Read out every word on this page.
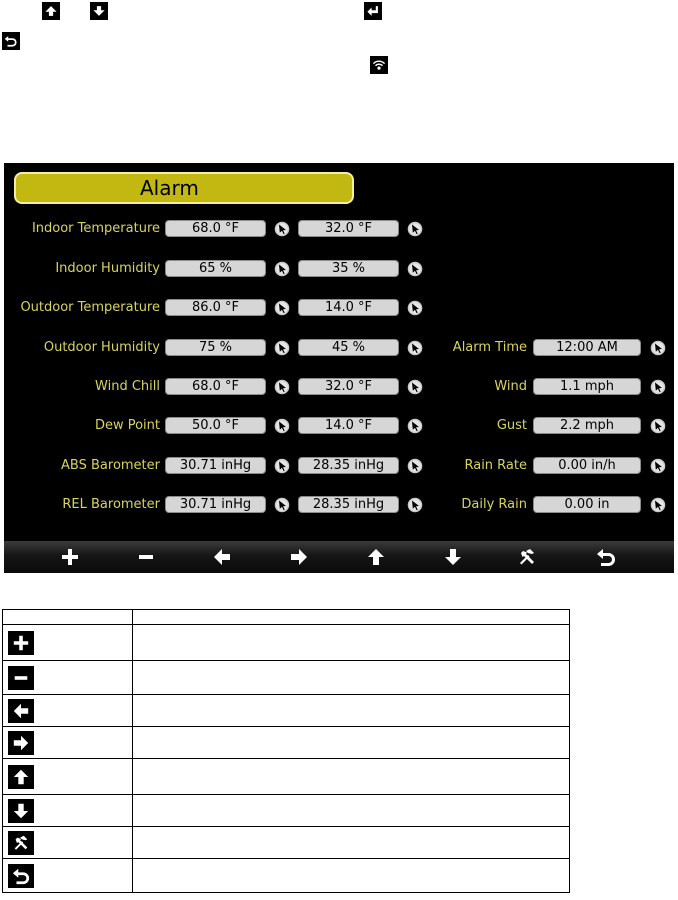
Alarm
Indoor Temperature	68.0 °F	32.0 °F
Indoor Humidity	65 %	35 %
Outdoor Temperature	86.0 °F	14.0 °F
Outdoor Humidity	75 %	45 %
Wind Chill	68.0 °F	32.0 °F
Dew Point	50.0 °F	14.0 °F
ABS Barometer	30.71 inHg	28.35 inHg
REL Barometer	30.71 inHg	28.35 inHg
Alarm Time	12:00 AM
Wind	1.1 mph
Gust	2.2 mph
Rain Rate	0.00 in/h
Daily Rain	0.00 in
